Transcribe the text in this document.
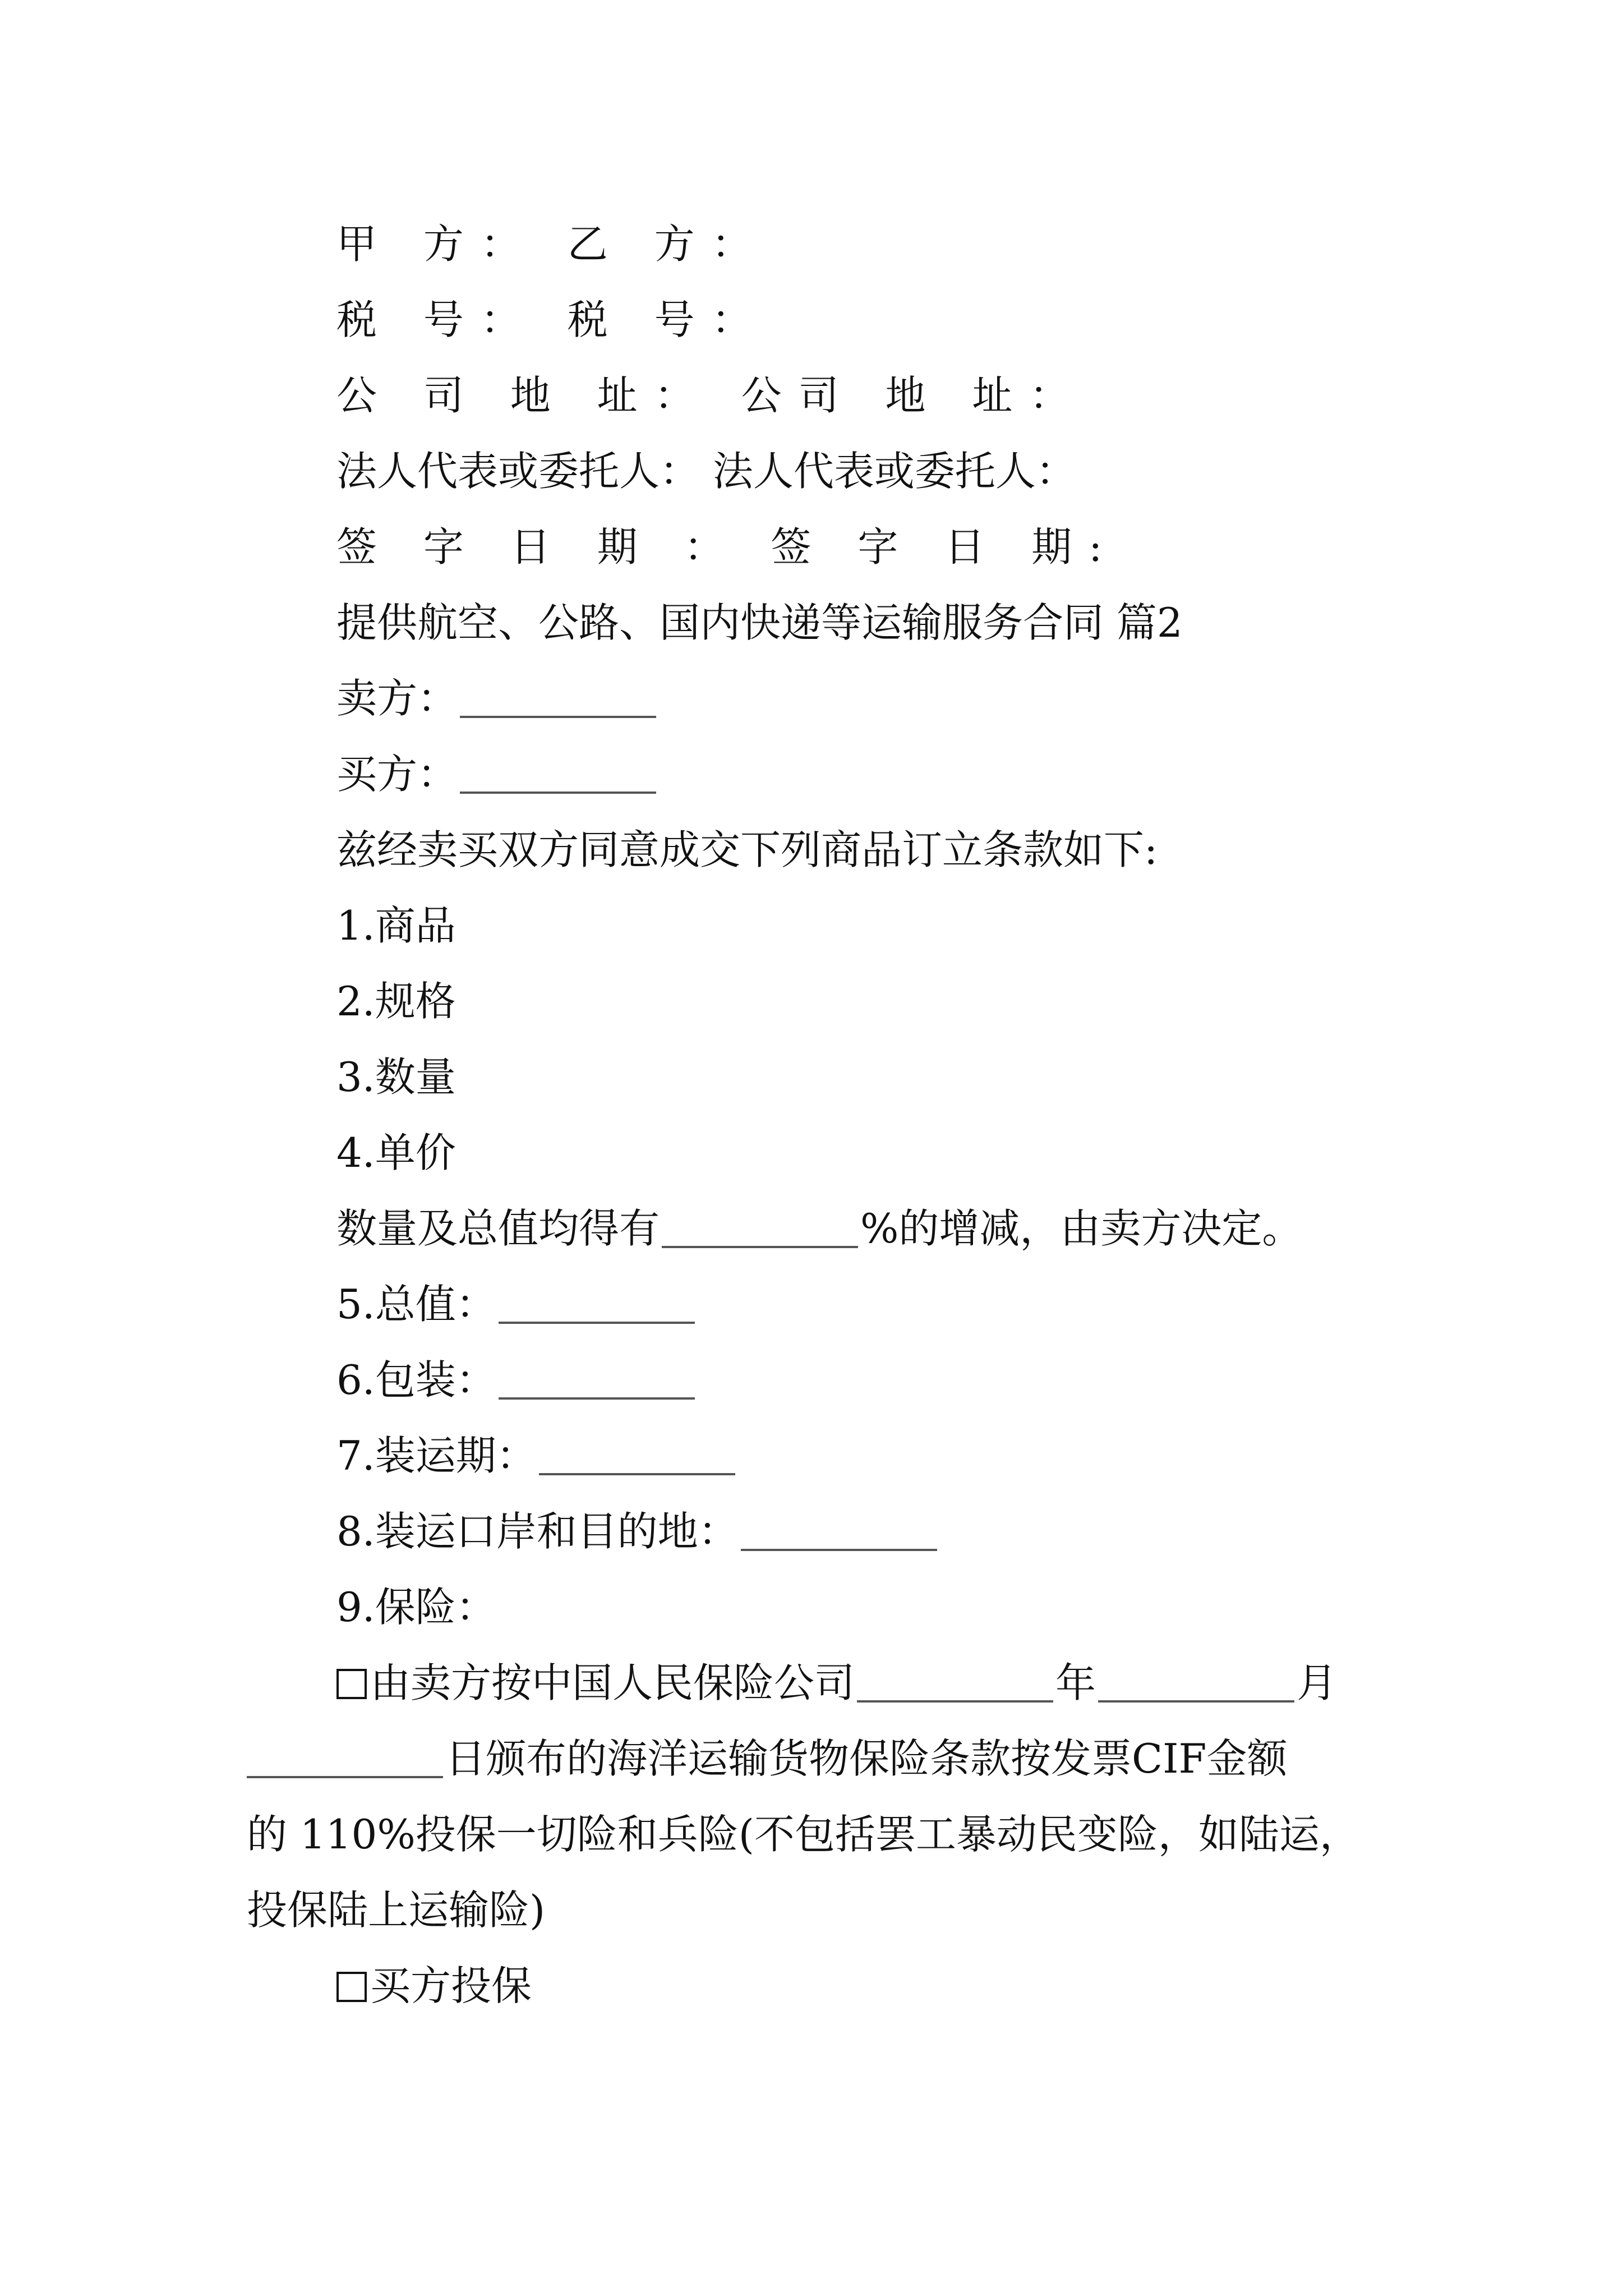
甲 方： 乙 方：
税 号： 税 号：
公 司 地 址： 公司 地 址：
法人代表或委托人： 法人代表或委托人：
签 字 日 期 ： 签 字 日 期:
提供航空、公路、国内快递等运输服务合同 篇2
卖方：
买方：
兹经卖买双方同意成交下列商品订立条款如下:
1.商品
2.规格
3.数量
4.单价
数量及总值均得有	%的增减，由卖方决定。
5.总值：
6.包装：
7.装运期：
8.装运口岸和目的地：
9.保险：
由卖方按中国人民保险公司	年	月
日颁布的海洋运输货物保险条款按发票CIF金额
的 110%投保一切险和兵险(不包括罢工暴动民变险，如陆运，
投保陆上运输险)
买方投保
